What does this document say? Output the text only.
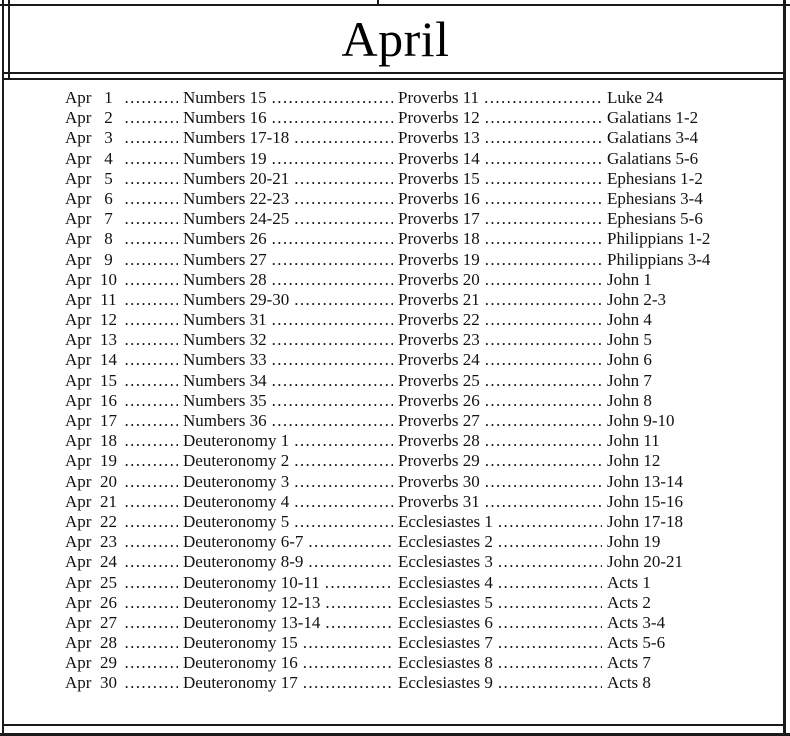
April
Apr 1 .....	Numbers 15 .....	Proverbs 11 .....	Luke 24
Apr 2 .....	Numbers 16 .....	Proverbs 12 .....	Galatians 1-2
Apr 3 .....	Numbers 17-18 .....	Proverbs 13 .....	Galatians 3-4
Apr 4 .....	Numbers 19 .....	Proverbs 14 .....	Galatians 5-6
Apr 5 .....	Numbers 20-21 .....	Proverbs 15 .....	Ephesians 1-2
Apr 6 .....	Numbers 22-23 .....	Proverbs 16 .....	Ephesians 3-4
Apr 7 .....	Numbers 24-25 .....	Proverbs 17 .....	Ephesians 5-6
Apr 8 .....	Numbers 26 .....	Proverbs 18 .....	Philippians 1-2
Apr 9 .....	Numbers 27 .....	Proverbs 19 .....	Philippians 3-4
Apr 10 .....	Numbers 28 .....	Proverbs 20 .....	John 1
Apr 11 .....	Numbers 29-30 .....	Proverbs 21 .....	John 2-3
Apr 12 .....	Numbers 31 .....	Proverbs 22 .....	John 4
Apr 13 .....	Numbers 32 .....	Proverbs 23 .....	John 5
Apr 14 .....	Numbers 33 .....	Proverbs 24 .....	John 6
Apr 15 .....	Numbers 34 .....	Proverbs 25 .....	John 7
Apr 16 .....	Numbers 35 .....	Proverbs 26 .....	John 8
Apr 17 .....	Numbers 36 .....	Proverbs 27 .....	John 9-10
Apr 18 .....	Deuteronomy 1 .....	Proverbs 28 .....	John 11
Apr 19 .....	Deuteronomy 2 .....	Proverbs 29 .....	John 12
Apr 20 .....	Deuteronomy 3 .....	Proverbs 30 .....	John 13-14
Apr 21 .....	Deuteronomy 4 .....	Proverbs 31 .....	John 15-16
Apr 22 .....	Deuteronomy 5 .....	Ecclesiastes 1 .....	John 17-18
Apr 23 .....	Deuteronomy 6-7 .....	Ecclesiastes 2 .....	John 19
Apr 24 .....	Deuteronomy 8-9 .....	Ecclesiastes 3 .....	John 20-21
Apr 25 .....	Deuteronomy 10-11 .....	Ecclesiastes 4 .....	Acts 1
Apr 26 .....	Deuteronomy 12-13 .....	Ecclesiastes 5 .....	Acts 2
Apr 27 .....	Deuteronomy 13-14 .....	Ecclesiastes 6 .....	Acts 3-4
Apr 28 .....	Deuteronomy 15 .....	Ecclesiastes 7 .....	Acts 5-6
Apr 29 .....	Deuteronomy 16 .....	Ecclesiastes 8 .....	Acts 7
Apr 30 .....	Deuteronomy 17 .....	Ecclesiastes 9 .....	Acts 8
